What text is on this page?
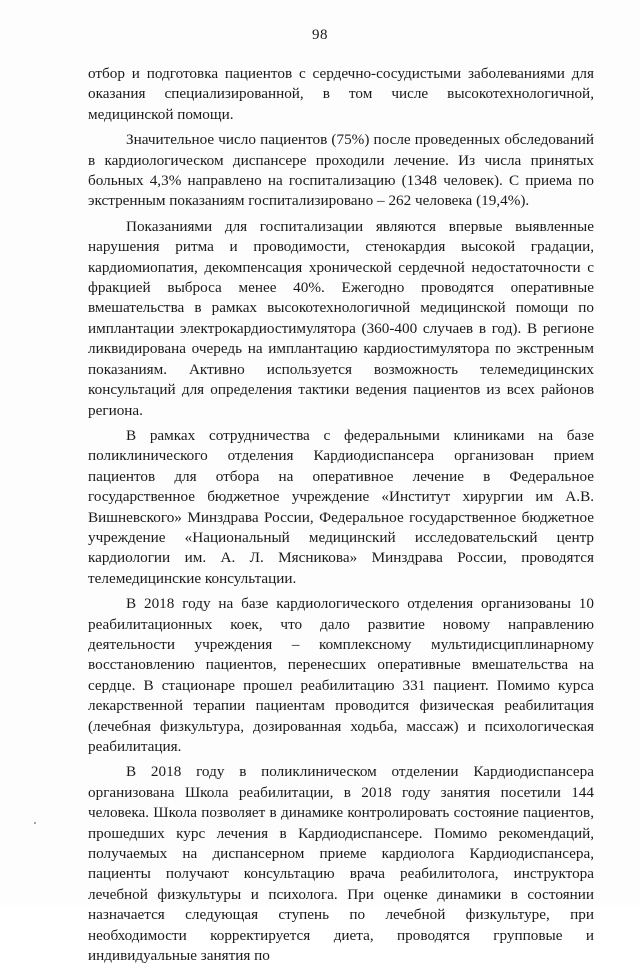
98

отбор и подготовка пациентов с сердечно-сосудистыми заболеваниями для оказания специализированной, в том числе высокотехнологичной, медицинской помощи.

Значительное число пациентов (75%) после проведенных обследований в кардиологическом диспансере проходили лечение. Из числа принятых больных 4,3% направлено на госпитализацию (1348 человек). С приема по экстренным показаниям госпитализировано – 262 человека (19,4%).

Показаниями для госпитализации являются впервые выявленные нарушения ритма и проводимости, стенокардия высокой градации, кардиомиопатия, декомпенсация хронической сердечной недостаточности с фракцией выброса менее 40%. Ежегодно проводятся оперативные вмешательства в рамках высокотехнологичной медицинской помощи по имплантации электрокардиостимулятора (360-400 случаев в год). В регионе ликвидирована очередь на имплантацию кардиостимулятора по экстренным показаниям. Активно используется возможность телемедицинских консультаций для определения тактики ведения пациентов из всех районов региона.

В рамках сотрудничества с федеральными клиниками на базе поликлинического отделения Кардиодиспансера организован прием пациентов для отбора на оперативное лечение в Федеральное государственное бюджетное учреждение «Институт хирургии им А.В. Вишневского» Минздрава России, Федеральное государственное бюджетное учреждение «Национальный медицинский исследовательский центр кардиологии им. А. Л. Мясникова» Минздрава России, проводятся телемедицинские консультации.

В 2018 году на базе кардиологического отделения организованы 10 реабилитационных коек, что дало развитие новому направлению деятельности учреждения – комплексному мультидисциплинарному восстановлению пациентов, перенесших оперативные вмешательства на сердце. В стационаре прошел реабилитацию 331 пациент. Помимо курса лекарственной терапии пациентам проводится физическая реабилитация (лечебная физкультура, дозированная ходьба, массаж) и психологическая реабилитация.

В 2018 году в поликлиническом отделении Кардиодиспансера организована Школа реабилитации, в 2018 году занятия посетили 144 человека. Школа позволяет в динамике контролировать состояние пациентов, прошедших курс лечения в Кардиодиспансере. Помимо рекомендаций, получаемых на диспансерном приеме кардиолога Кардиодиспансера, пациенты получают консультацию врача реабилитолога, инструктора лечебной физкультуры и психолога. При оценке динамики в состоянии назначается следующая ступень по лечебной физкультуре, при необходимости корректируется диета, проводятся групповые и индивидуальные занятия по
